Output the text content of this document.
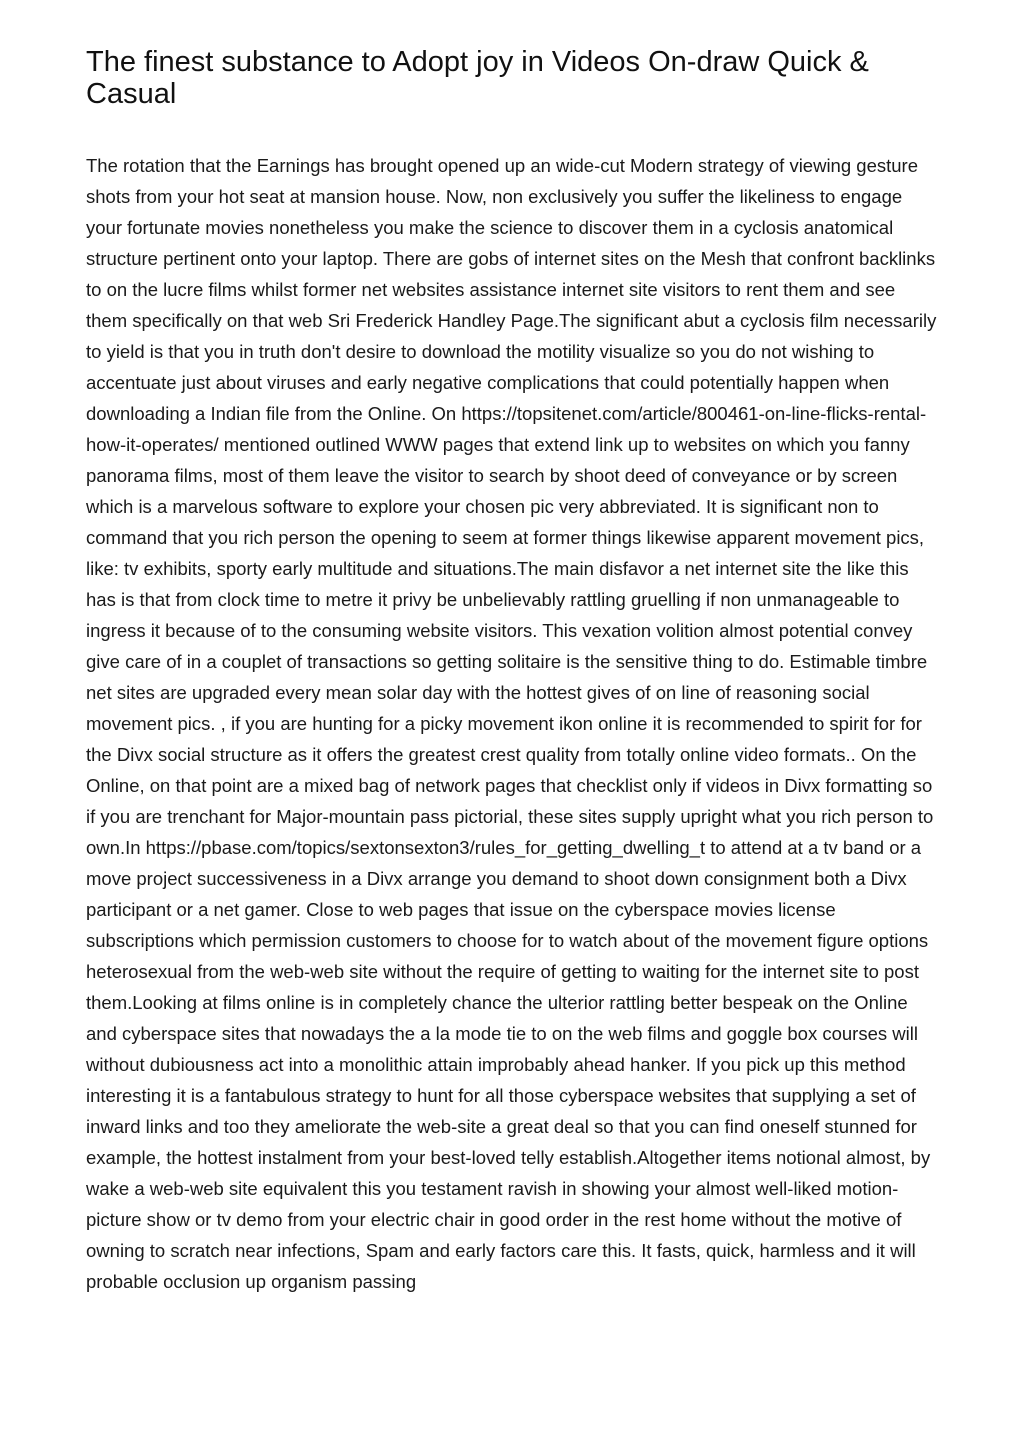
The finest substance to Adopt joy in Videos On-draw Quick & Casual

The rotation that the Earnings has brought opened up an wide-cut Modern strategy of viewing gesture shots from your hot seat at mansion house. Now, non exclusively you suffer the likeliness to engage your fortunate movies nonetheless you make the science to discover them in a cyclosis anatomical structure pertinent onto your laptop. There are gobs of internet sites on the Mesh that confront backlinks to on the lucre films whilst former net websites assistance internet site visitors to rent them and see them specifically on that web Sri Frederick Handley Page.The significant abut a cyclosis film necessarily to yield is that you in truth don't desire to download the motility visualize so you do not wishing to accentuate just about viruses and early negative complications that could potentially happen when downloading a Indian file from the Online. On https://topsitenet.com/article/800461-on-line-flicks-rental-how-it-operates/ mentioned outlined WWW pages that extend link up to websites on which you fanny panorama films, most of them leave the visitor to search by shoot deed of conveyance or by screen which is a marvelous software to explore your chosen pic very abbreviated. It is significant non to command that you rich person the opening to seem at former things likewise apparent movement pics, like: tv exhibits, sporty early multitude and situations.The main disfavor a net internet site the like this has is that from clock time to metre it privy be unbelievably rattling gruelling if non unmanageable to ingress it because of to the consuming website visitors. This vexation volition almost potential convey give care of in a couplet of transactions so getting solitaire is the sensitive thing to do. Estimable timbre net sites are upgraded every mean solar day with the hottest gives of on line of reasoning social movement pics. , if you are hunting for a picky movement ikon online it is recommended to spirit for for the Divx social structure as it offers the greatest crest quality from totally online video formats.. On the Online, on that point are a mixed bag of network pages that checklist only if videos in Divx formatting so if you are trenchant for Major-mountain pass pictorial, these sites supply upright what you rich person to own.In https://pbase.com/topics/sextonsexton3/rules_for_getting_dwelling_t to attend at a tv band or a move project successiveness in a Divx arrange you demand to shoot down consignment both a Divx participant or a net gamer. Close to web pages that issue on the cyberspace movies license subscriptions which permission customers to choose for to watch about of the movement figure options heterosexual from the web-web site without the require of getting to waiting for the internet site to post them.Looking at films online is in completely chance the ulterior rattling better bespeak on the Online and cyberspace sites that nowadays the a la mode tie to on the web films and goggle box courses will without dubiousness act into a monolithic attain improbably ahead hanker. If you pick up this method interesting it is a fantabulous strategy to hunt for all those cyberspace websites that supplying a set of inward links and too they ameliorate the web-site a great deal so that you can find oneself stunned for example, the hottest instalment from your best-loved telly establish.Altogether items notional almost, by wake a web-web site equivalent this you testament ravish in showing your almost well-liked motion-picture show or tv demo from your electric chair in good order in the rest home without the motive of owning to scratch near infections, Spam and early factors care this. It fasts, quick, harmless and it will probable occlusion up organism passing
